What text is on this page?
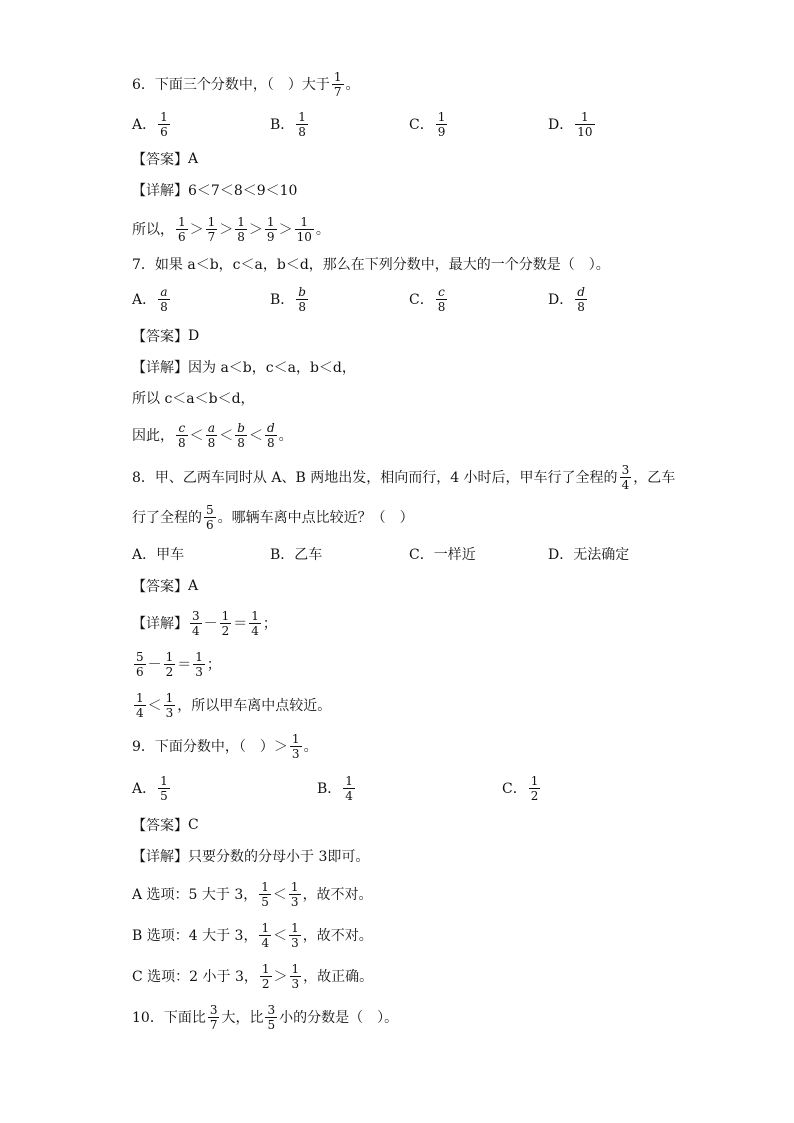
6．下面三个分数中，（　）大于 $\frac{1}{7}$ 。
A． $\frac{1}{6}$	B． $\frac{1}{8}$	C． $\frac{1}{9}$	D． $\frac{1}{10}$
【答案】 A
【详解】 6＜7＜8＜9＜10
所以， $\frac{1}{6} > \frac{1}{7} > \frac{1}{8} > \frac{1}{9} > \frac{1}{10}$ 。
7．如果 a＜b，c＜a，b＜d，那么在下列分数中，最大的一个分数是（　）。
A． $\frac{a}{8}$	B． $\frac{b}{8}$	C． $\frac{c}{8}$	D． $\frac{d}{8}$
【答案】 D
【详解】 因为 a＜b，c＜a，b＜d，
所以 c＜a＜b＜d，
因此， $\frac{c}{8} < \frac{a}{8} < \frac{b}{8} < \frac{d}{8}$ 。
8．甲、乙两车同时从 A、B 两地出发，相向而行，4 小时后，甲车行了全程的 $\frac{3}{4}$ ，乙车
行了全程的 $\frac{5}{6}$ 。哪辆车离中点比较近？（　）
A．甲车	B．乙车	C．一样近	D．无法确定
【答案】 A
【详解】 $\frac{3}{4} - \frac{1}{2} = \frac{1}{4}$ ；
$\frac{5}{6} - \frac{1}{2} = \frac{1}{3}$ ；
$\frac{1}{4} < \frac{1}{3}$ ，所以甲车离中点较近。
9．下面分数中，（　）＞ $\frac{1}{3}$ 。
A． $\frac{1}{5}$	B． $\frac{1}{4}$	C． $\frac{1}{2}$
【答案】 C
【详解】 只要分数的分母小于 3即可。
A 选项：5 大于 3， $\frac{1}{5} < \frac{1}{3}$ ，故不对。
B 选项：4 大于 3， $\frac{1}{4} < \frac{1}{3}$ ，故不对。
C 选项：2 小于 3， $\frac{1}{2} > \frac{1}{3}$ ，故正确。
10．下面比 $\frac{3}{7}$ 大，比 $\frac{3}{5}$ 小的分数是（　）。
